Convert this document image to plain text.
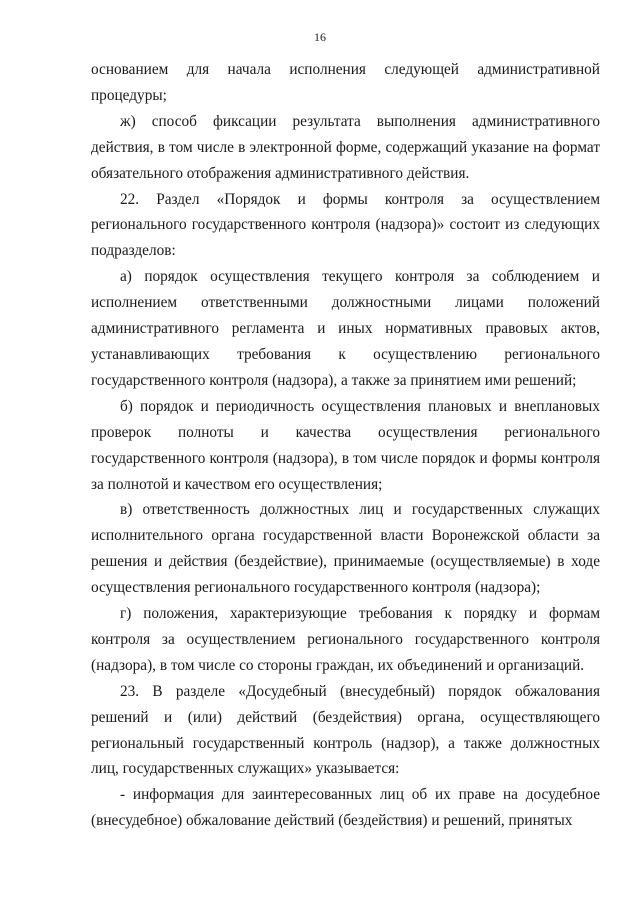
16

основанием для начала исполнения следующей административной процедуры;

ж) способ фиксации результата выполнения административного действия, в том числе в электронной форме, содержащий указание на формат обязательного отображения административного действия.

22. Раздел «Порядок и формы контроля за осуществлением регионального государственного контроля (надзора)» состоит из следующих подразделов:

а) порядок осуществления текущего контроля за соблюдением и исполнением ответственными должностными лицами положений административного регламента и иных нормативных правовых актов, устанавливающих требования к осуществлению регионального государственного контроля (надзора), а также за принятием ими решений;

б) порядок и периодичность осуществления плановых и внеплановых проверок полноты и качества осуществления регионального государственного контроля (надзора), в том числе порядок и формы контроля за полнотой и качеством его осуществления;

в) ответственность должностных лиц и государственных служащих исполнительного органа государственной власти Воронежской области за решения и действия (бездействие), принимаемые (осуществляемые) в ходе осуществления регионального государственного контроля (надзора);

г) положения, характеризующие требования к порядку и формам контроля за осуществлением регионального государственного контроля (надзора), в том числе со стороны граждан, их объединений и организаций.

23. В разделе «Досудебный (внесудебный) порядок обжалования решений и (или) действий (бездействия) органа, осуществляющего региональный государственный контроль (надзор), а также должностных лиц, государственных служащих» указывается:

- информация для заинтересованных лиц об их праве на досудебное (внесудебное) обжалование действий (бездействия) и решений, принятых
